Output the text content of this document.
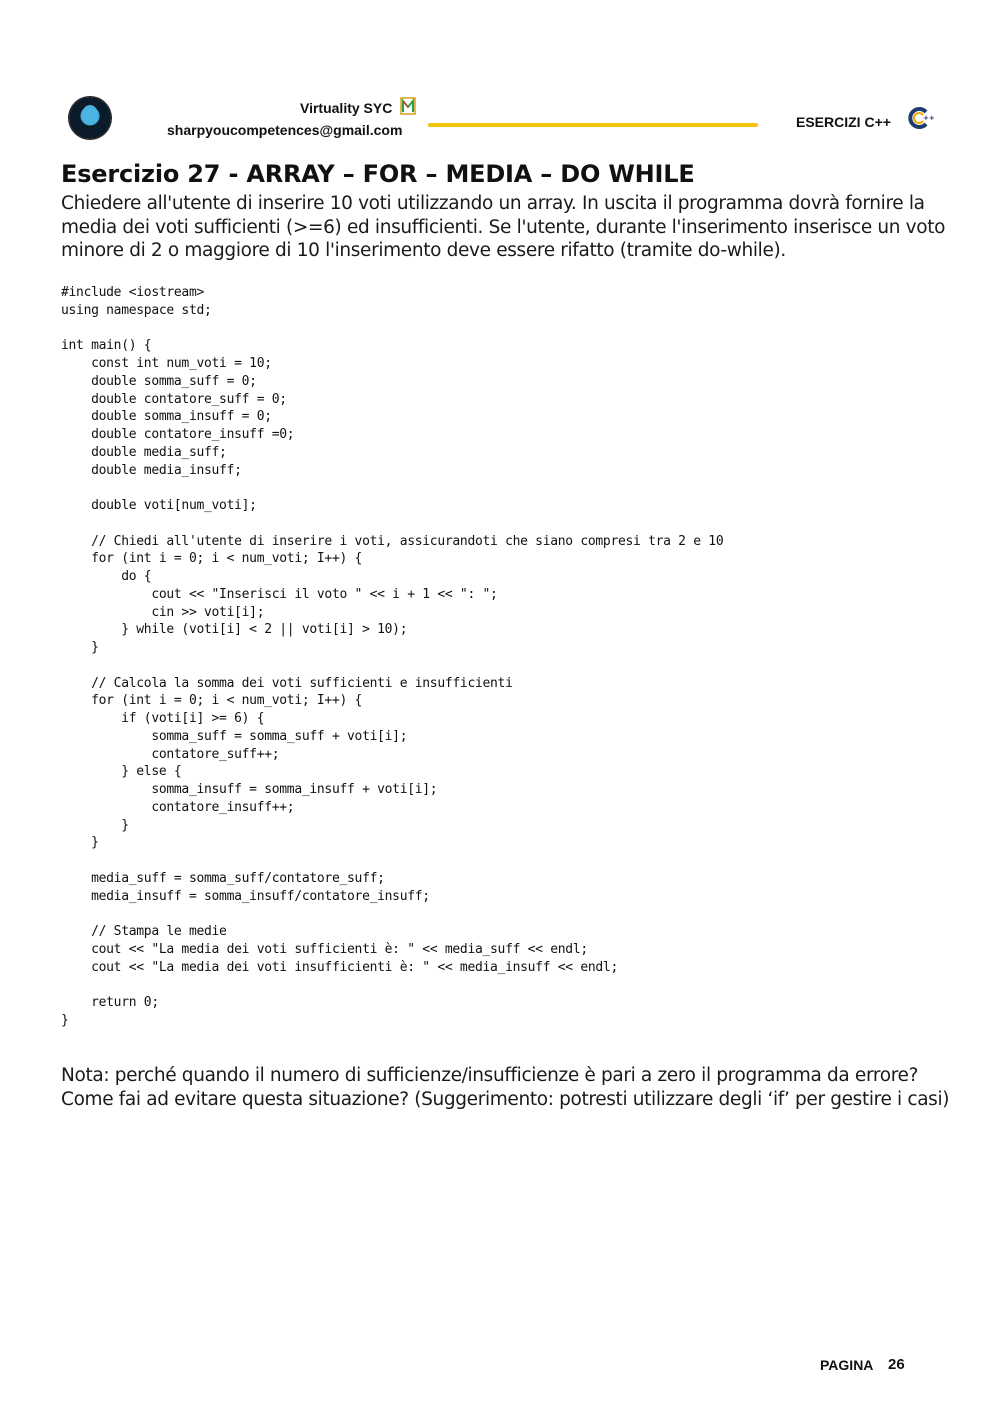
Virtuality SYC
sharpyoucompetences@gmail.com	ESERCIZI C++	++
Esercizio 27 - ARRAY – FOR – MEDIA – DO WHILE

Chiedere all'utente di inserire 10 voti utilizzando un array. In uscita il programma dovrà fornire la media dei voti sufficienti (>=6) ed insufficienti. Se l'utente, durante l'inserimento inserisce un voto minore di 2 o maggiore di 10 l'inserimento deve essere rifatto (tramite do-while).

#include <iostream>
using namespace std;

int main() {
const int num_voti = 10;
double somma_suff = 0;
double contatore_suff = 0;
double somma_insuff = 0;
double contatore_insuff =0;
double media_suff;
double media_insuff;

double voti[num_voti];

// Chiedi all'utente di inserire i voti, assicurandoti che siano compresi tra 2 e 10
for (int i = 0; i < num_voti; I++) {
do {
cout << "Inserisci il voto " << i + 1 << ": ";
cin >> voti[i];
} while (voti[i] < 2 || voti[i] > 10);
}

// Calcola la somma dei voti sufficienti e insufficienti
for (int i = 0; i < num_voti; I++) {
if (voti[i] >= 6) {
somma_suff = somma_suff + voti[i];
contatore_suff++;
} else {
somma_insuff = somma_insuff + voti[i];
contatore_insuff++;
}
}

media_suff = somma_suff/contatore_suff;
media_insuff = somma_insuff/contatore_insuff;

// Stampa le medie
cout << "La media dei voti sufficienti è: " << media_suff << endl;
cout << "La media dei voti insufficienti è: " << media_insuff << endl;

return 0;
}

Nota: perché quando il numero di sufficienze/insufficienze è pari a zero il programma da errore? Come fai ad evitare questa situazione? (Suggerimento: potresti utilizzare degli ‘if’ per gestire i casi)

PAGINA 26
